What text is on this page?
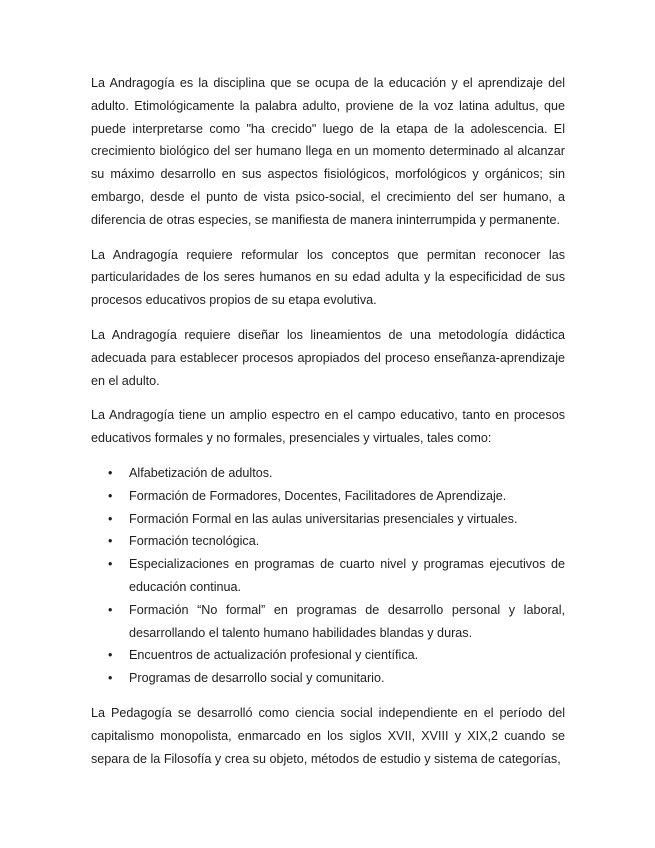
La Andragogía es la disciplina que se ocupa de la educación y el aprendizaje del adulto. Etimológicamente la palabra adulto, proviene de la voz latina adultus, que puede interpretarse como "ha crecido" luego de la etapa de la adolescencia. El crecimiento biológico del ser humano llega en un momento determinado al alcanzar su máximo desarrollo en sus aspectos fisiológicos, morfológicos y orgánicos; sin embargo, desde el punto de vista psico-social, el crecimiento del ser humano, a diferencia de otras especies, se manifiesta de manera ininterrumpida y permanente.

La Andragogía requiere reformular los conceptos que permitan reconocer las particularidades de los seres humanos en su edad adulta y la especificidad de sus procesos educativos propios de su etapa evolutiva.

La Andragogía requiere diseñar los lineamientos de una metodología didáctica adecuada para establecer procesos apropiados del proceso enseñanza-aprendizaje en el adulto.

La Andragogía tiene un amplio espectro en el campo educativo, tanto en procesos educativos formales y no formales, presenciales y virtuales, tales como:

• Alfabetización de adultos.
• Formación de Formadores, Docentes, Facilitadores de Aprendizaje.
• Formación Formal en las aulas universitarias presenciales y virtuales.
• Formación tecnológica.
• Especializaciones en programas de cuarto nivel y programas ejecutivos de educación continua.
• Formación “No formal” en programas de desarrollo personal y laboral, desarrollando el talento humano habilidades blandas y duras.
• Encuentros de actualización profesional y científica.
• Programas de desarrollo social y comunitario.

La Pedagogía se desarrolló como ciencia social independiente en el período del capitalismo monopolista, enmarcado en los siglos XVII, XVIII y XIX,2 cuando se separa de la Filosofía y crea su objeto, métodos de estudio y sistema de categorías,
